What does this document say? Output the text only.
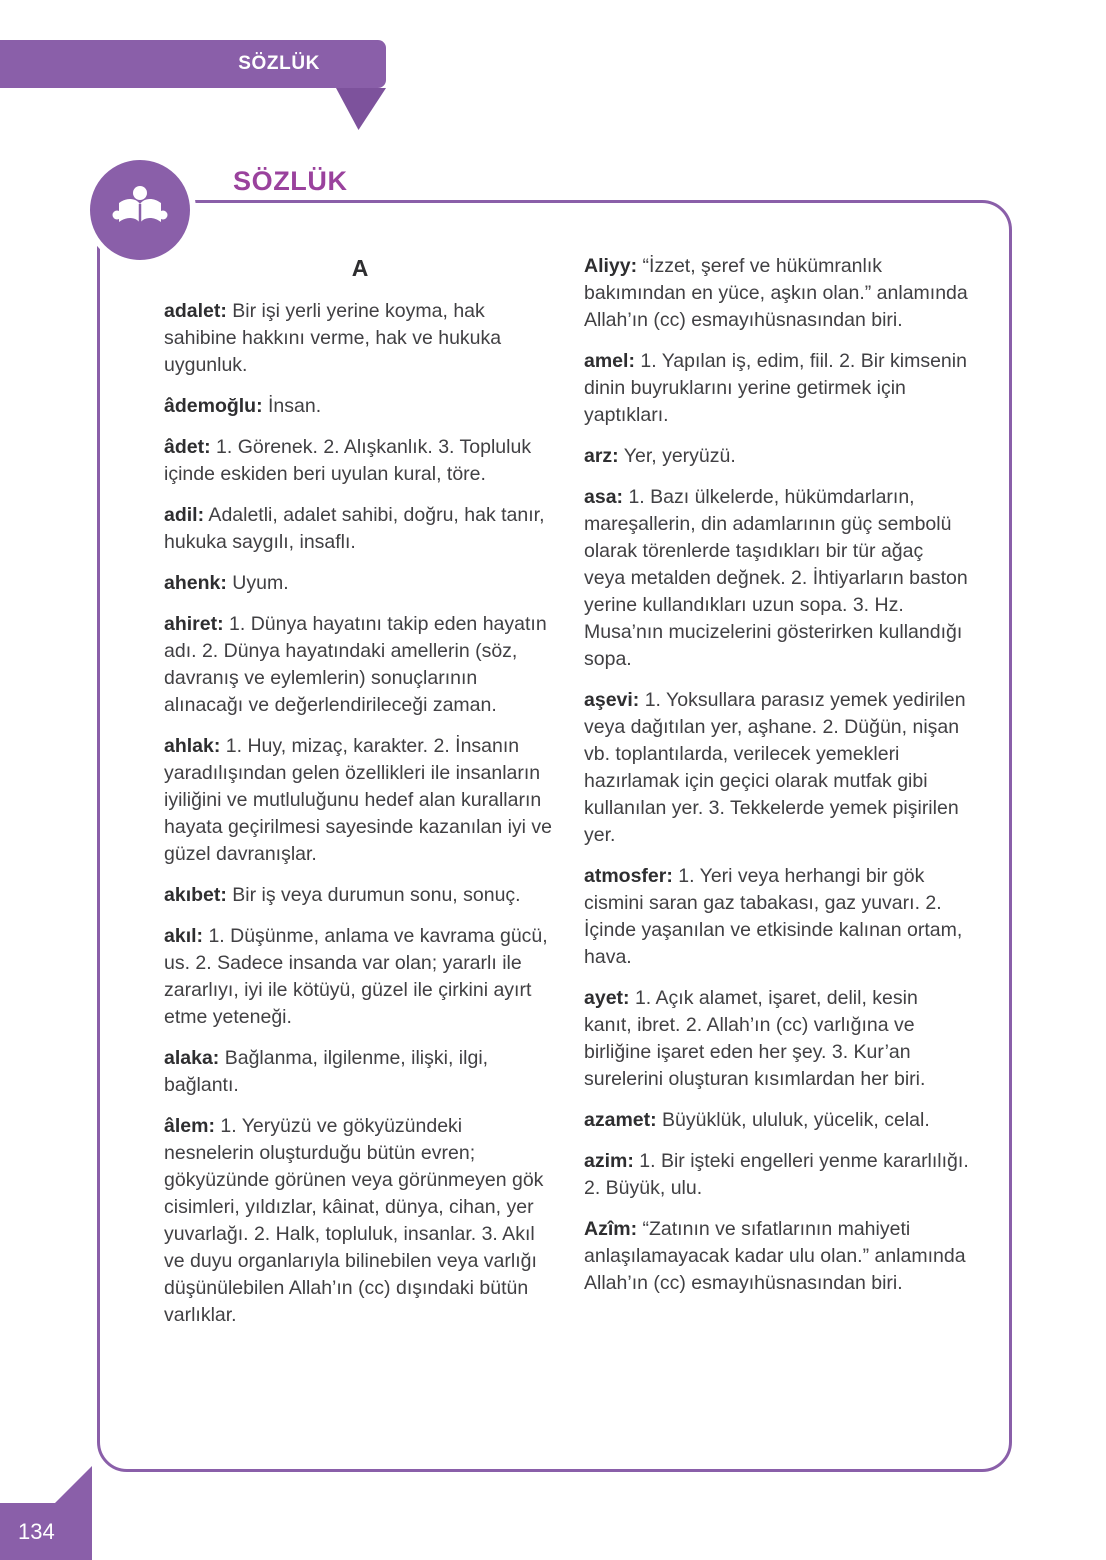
SÖZLÜK
A

adalet: Bir işi yerli yerine koyma, hak sahibine hakkını verme, hak ve hukuka uygunluk.

âdemoğlu: İnsan.

âdet: 1. Görenek. 2. Alışkanlık. 3. Topluluk içinde eskiden beri uyulan kural, töre.

adil: Adaletli, adalet sahibi, doğru, hak tanır, hukuka saygılı, insaflı.

ahenk: Uyum.

ahiret: 1. Dünya hayatını takip eden hayatın adı. 2. Dünya hayatındaki amellerin (söz, davranış ve eylemlerin) sonuçlarının alınacağı ve değerlendirileceği zaman.

ahlak: 1. Huy, mizaç, karakter. 2. İnsanın yaradılışından gelen özellikleri ile insanların iyiliğini ve mutluluğunu hedef alan kuralların hayata geçirilmesi sayesinde kazanılan iyi ve güzel davranışlar.

akıbet: Bir iş veya durumun sonu, sonuç.

akıl: 1. Düşünme, anlama ve kavrama gücü, us. 2. Sadece insanda var olan; yararlı ile zararlıyı, iyi ile kötüyü, güzel ile çirkini ayırt etme yeteneği.

alaka: Bağlanma, ilgilenme, ilişki, ilgi, bağlantı.

âlem: 1. Yeryüzü ve gökyüzündeki nesnelerin oluşturduğu bütün evren; gökyüzünde görünen veya görünmeyen gök cisimleri, yıldızlar, kâinat, dünya, cihan, yer yuvarlağı. 2. Halk, topluluk, insanlar. 3. Akıl ve duyu organlarıyla bilinebilen veya varlığı düşünülebilen Allah’ın (cc) dışındaki bütün varlıklar.

Aliyy: “İzzet, şeref ve hükümranlık bakımından en yüce, aşkın olan.” anlamında Allah’ın (cc) esmayıhüsnasından biri.

amel: 1. Yapılan iş, edim, fiil. 2. Bir kimsenin dinin buyruklarını yerine getirmek için yaptıkları.

arz: Yer, yeryüzü.

asa: 1. Bazı ülkelerde, hükümdarların, mareşallerin, din adamlarının güç sembolü olarak törenlerde taşıdıkları bir tür ağaç veya metalden değnek. 2. İhtiyarların baston yerine kullandıkları uzun sopa. 3. Hz. Musa’nın mucizelerini gösterirken kullandığı sopa.

aşevi: 1. Yoksullara parasız yemek yedirilen veya dağıtılan yer, aşhane. 2. Düğün, nişan vb. toplantılarda, verilecek yemekleri hazırlamak için geçici olarak mutfak gibi kullanılan yer. 3. Tekkelerde yemek pişirilen yer.

atmosfer: 1. Yeri veya herhangi bir gök cismini saran gaz tabakası, gaz yuvarı. 2. İçinde yaşanılan ve etkisinde kalınan ortam, hava.

ayet: 1. Açık alamet, işaret, delil, kesin kanıt, ibret. 2. Allah’ın (cc) varlığına ve birliğine işaret eden her şey. 3. Kur’an surelerini oluşturan kısımlardan her biri.

azamet: Büyüklük, ululuk, yücelik, celal.

azim: 1. Bir işteki engelleri yenme kararlılığı. 2. Büyük, ulu.

Azîm: “Zatının ve sıfatlarının mahiyeti anlaşılamayacak kadar ulu olan.” anlamında Allah’ın (cc) esmayıhüsnasından biri.

SÖZLÜK
134
